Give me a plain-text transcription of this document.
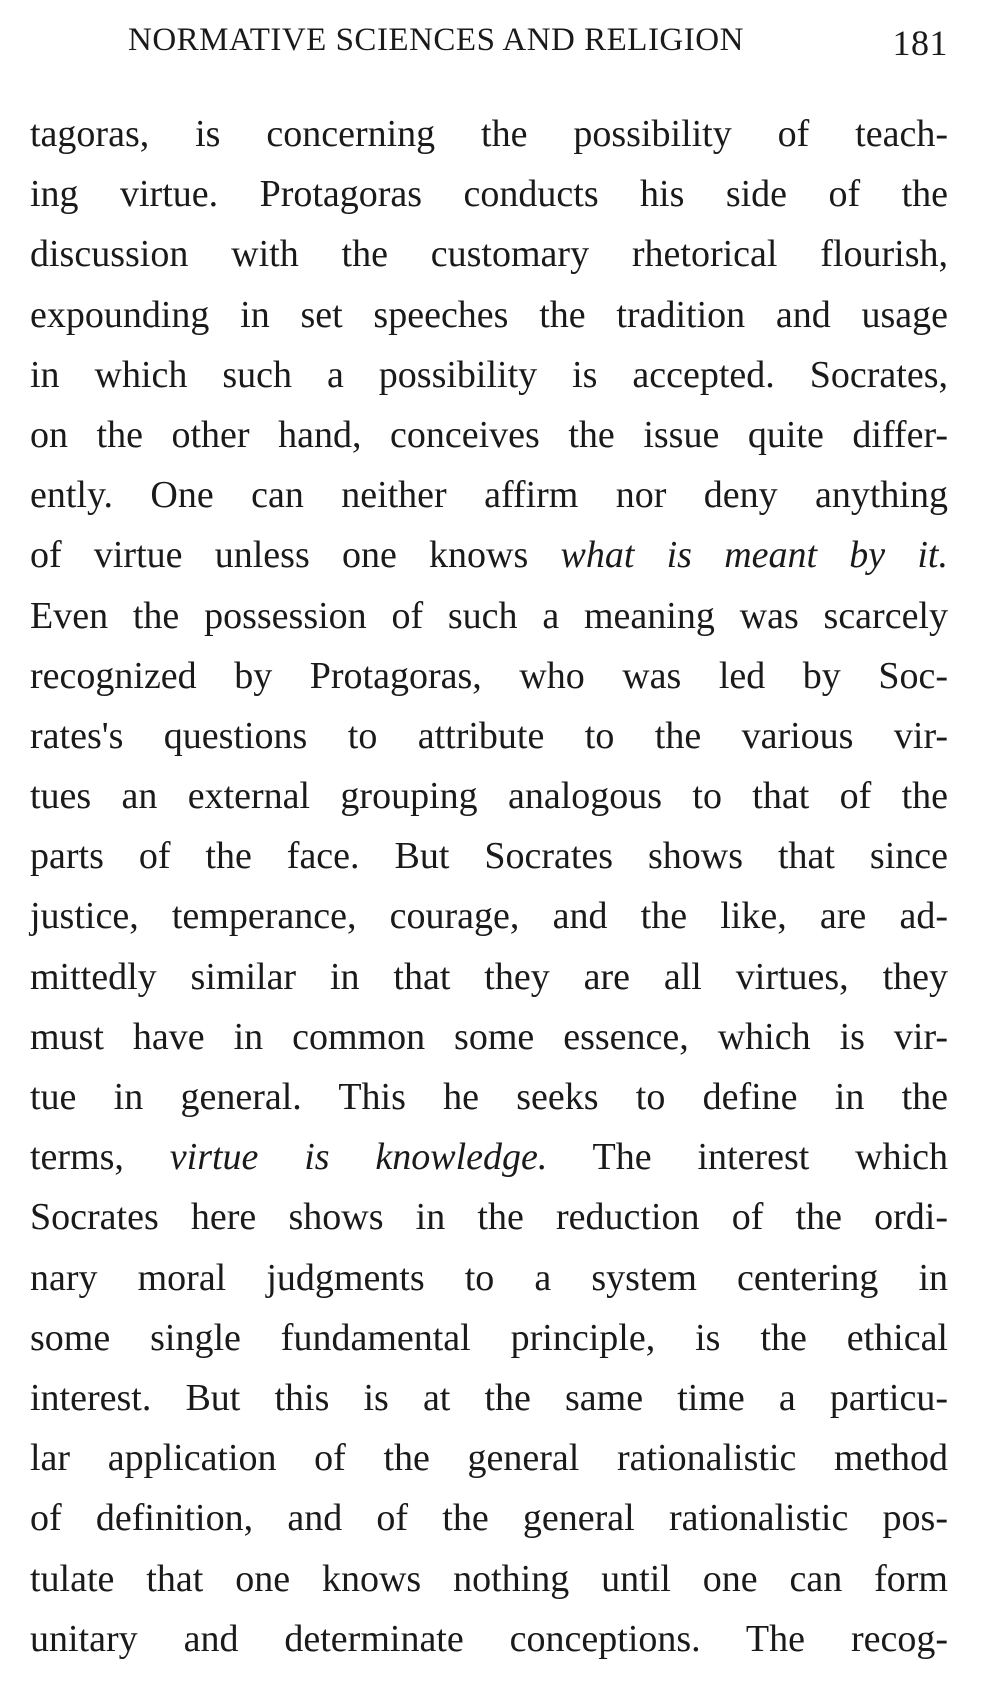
NORMATIVE SCIENCES AND RELIGION	181
tagoras, is concerning the possibility of teach-
ing virtue. Protagoras conducts his side of the
discussion with the customary rhetorical flourish,
expounding in set speeches the tradition and usage
in which such a possibility is accepted. Socrates,
on the other hand, conceives the issue quite differ-
ently. One can neither affirm nor deny anything
of virtue unless one knows what is meant by it.
Even the possession of such a meaning was scarcely
recognized by Protagoras, who was led by Soc-
rates's questions to attribute to the various vir-
tues an external grouping analogous to that of the
parts of the face. But Socrates shows that since
justice, temperance, courage, and the like, are ad-
mittedly similar in that they are all virtues, they
must have in common some essence, which is vir-
tue in general. This he seeks to define in the
terms, virtue is knowledge. The interest which
Socrates here shows in the reduction of the ordi-
nary moral judgments to a system centering in
some single fundamental principle, is the ethical
interest. But this is at the same time a particu-
lar application of the general rationalistic method
of definition, and of the general rationalistic pos-
tulate that one knows nothing until one can form
unitary and determinate conceptions. The recog-
